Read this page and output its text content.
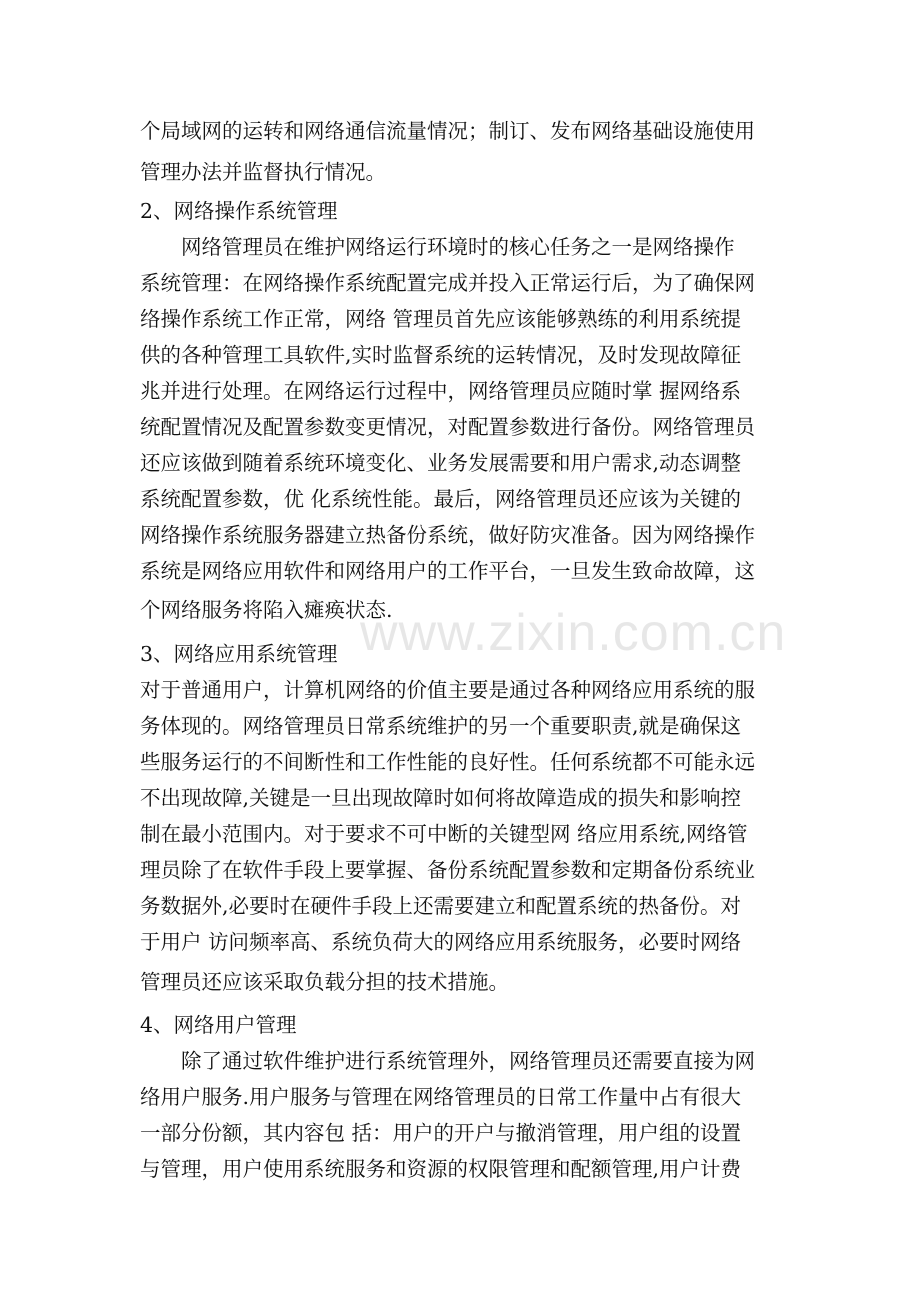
www.zixin.com.cn
个局域网的运转和网络通信流量情况；制订、发布网络基础设施使用
管理办法并监督执行情况。
2、网络操作系统管理
网络管理员在维护网络运行环境时的核心任务之一是网络操作
系统管理：在网络操作系统配置完成并投入正常运行后，为了确保网
络操作系统工作正常，网络 管理员首先应该能够熟练的利用系统提
供的各种管理工具软件,实时监督系统的运转情况，及时发现故障征
兆并进行处理。在网络运行过程中，网络管理员应随时掌 握网络系
统配置情况及配置参数变更情况，对配置参数进行备份。网络管理员
还应该做到随着系统环境变化、业务发展需要和用户需求,动态调整
系统配置参数，优 化系统性能。最后，网络管理员还应该为关键的
网络操作系统服务器建立热备份系统，做好防灾准备。因为网络操作
系统是网络应用软件和网络用户的工作平台，一旦发生致命故障，这
个网络服务将陷入瘫痪状态.
3、网络应用系统管理
对于普通用户，计算机网络的价值主要是通过各种网络应用系统的服
务体现的。网络管理员日常系统维护的另一个重要职责,就是确保这
些服务运行的不间断性和工作性能的良好性。任何系统都不可能永远
不出现故障,关键是一旦出现故障时如何将故障造成的损失和影响控
制在最小范围内。对于要求不可中断的关键型网 络应用系统,网络管
理员除了在软件手段上要掌握、备份系统配置参数和定期备份系统业
务数据外,必要时在硬件手段上还需要建立和配置系统的热备份。对
于用户 访问频率高、系统负荷大的网络应用系统服务，必要时网络
管理员还应该采取负载分担的技术措施。
4、网络用户管理
除了通过软件维护进行系统管理外，网络管理员还需要直接为网
络用户服务.用户服务与管理在网络管理员的日常工作量中占有很大
一部分份额，其内容包 括：用户的开户与撤消管理，用户组的设置
与管理，用户使用系统服务和资源的权限管理和配额管理,用户计费
